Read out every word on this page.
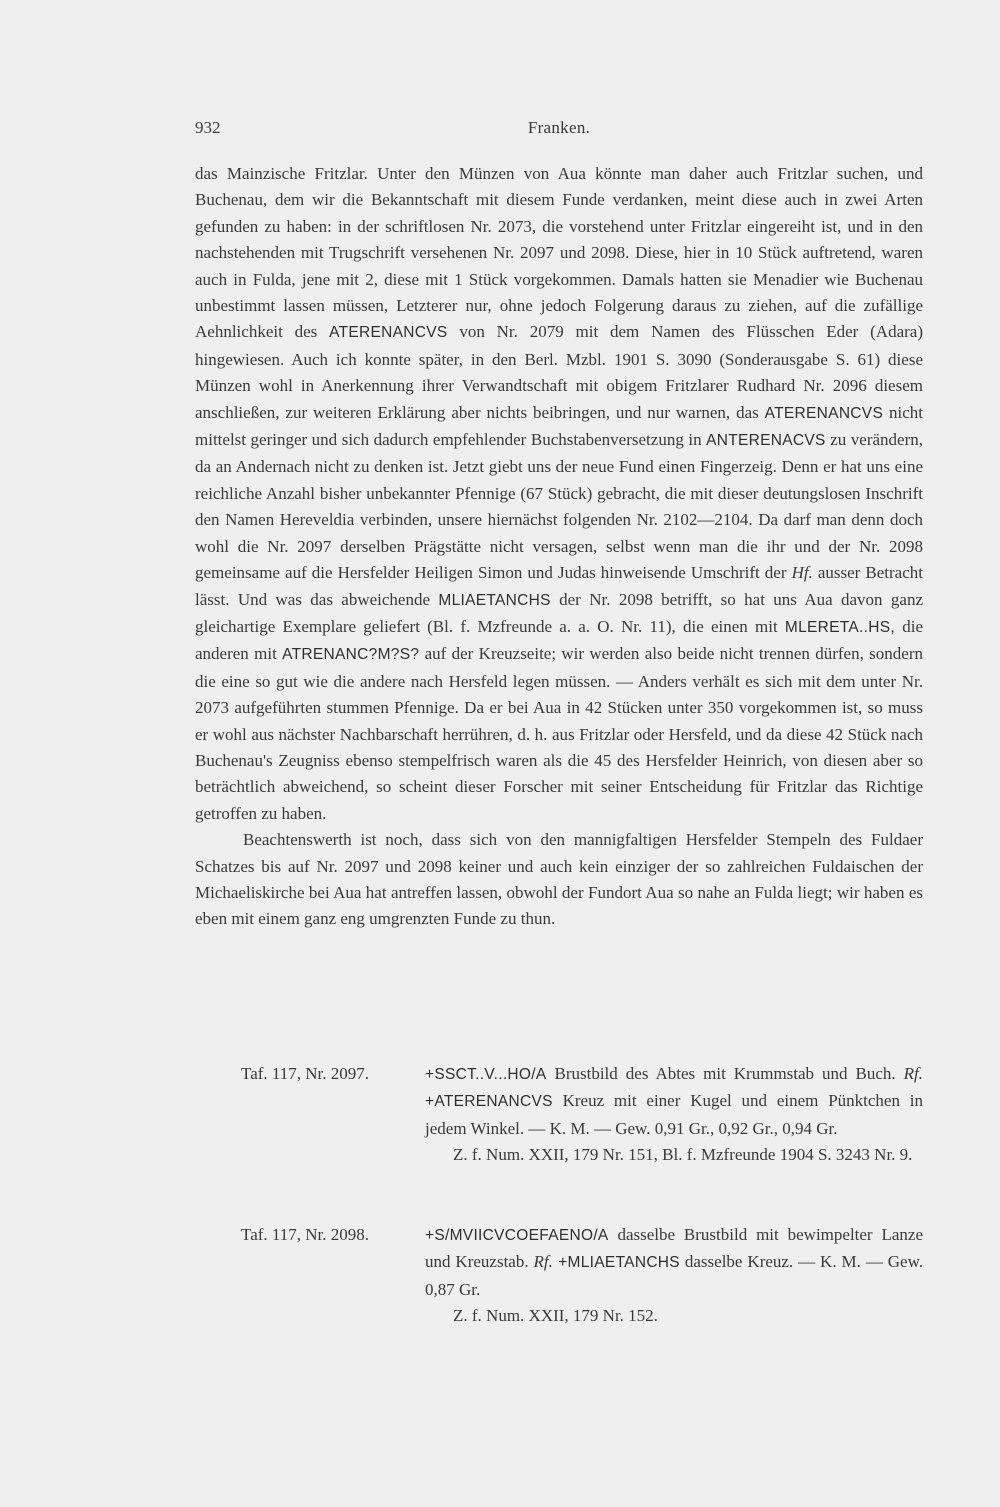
932	Franken.

das Mainzische Fritzlar. Unter den Münzen von Aua könnte man daher auch Fritzlar suchen, und Buchenau, dem wir die Bekanntschaft mit diesem Funde verdanken, meint diese auch in zwei Arten gefunden zu haben: in der schriftlosen Nr. 2073, die vorstehend unter Fritzlar eingereiht ist, und in den nachstehenden mit Trugschrift versehenen Nr. 2097 und 2098. Diese, hier in 10 Stück auftretend, waren auch in Fulda, jene mit 2, diese mit 1 Stück vorgekommen. Damals hatten sie Menadier wie Buchenau unbestimmt lassen müssen, Letzterer nur, ohne jedoch Folgerung daraus zu ziehen, auf die zufällige Aehnlichkeit des ATERENANCVS von Nr. 2079 mit dem Namen des Flüsschen Eder (Adara) hingewiesen. Auch ich konnte später, in den Berl. Mzbl. 1901 S. 3090 (Sonderausgabe S. 61) diese Münzen wohl in Anerkennung ihrer Verwandtschaft mit obigem Fritzlarer Rudhard Nr. 2096 diesem anschließen, zur weiteren Erklärung aber nichts beibringen, und nur warnen, das ATERENANCVS nicht mittelst geringer und sich dadurch empfehlender Buchstabenversetzung in ANTERENACVS zu verändern, da an Andernach nicht zu denken ist. Jetzt giebt uns der neue Fund einen Fingerzeig. Denn er hat uns eine reichliche Anzahl bisher unbekannter Pfennige (67 Stück) gebracht, die mit dieser deutungslosen Inschrift den Namen Hereveldia verbinden, unsere hiernächst folgenden Nr. 2102—2104. Da darf man denn doch wohl die Nr. 2097 derselben Prägstätte nicht versagen, selbst wenn man die ihr und der Nr. 2098 gemeinsame auf die Hersfelder Heiligen Simon und Judas hinweisende Umschrift der Hf. ausser Betracht lässt. Und was das abweichende MLIAETANCHS der Nr. 2098 betrifft, so hat uns Aua davon ganz gleichartige Exemplare geliefert (Bl. f. Mzfreunde a. a. O. Nr. 11), die einen mit MLERETA..HS, die anderen mit ATRENANC?M?S? auf der Kreuzseite; wir werden also beide nicht trennen dürfen, sondern die eine so gut wie die andere nach Hersfeld legen müssen. — Anders verhält es sich mit dem unter Nr. 2073 aufgeführten stummen Pfennige. Da er bei Aua in 42 Stücken unter 350 vorgekommen ist, so muss er wohl aus nächster Nachbarschaft herrühren, d. h. aus Fritzlar oder Hersfeld, und da diese 42 Stück nach Buchenau's Zeugniss ebenso stempelfrisch waren als die 45 des Hersfelder Heinrich, von diesen aber so beträchtlich abweichend, so scheint dieser Forscher mit seiner Entscheidung für Fritzlar das Richtige getroffen zu haben.

Beachtenswerth ist noch, dass sich von den mannigfaltigen Hersfelder Stempeln des Fuldaer Schatzes bis auf Nr. 2097 und 2098 keiner und auch kein einziger der so zahlreichen Fuldaischen der Michaeliskirche bei Aua hat antreffen lassen, obwohl der Fundort Aua so nahe an Fulda liegt; wir haben es eben mit einem ganz eng umgrenzten Funde zu thun.

Taf. 117, Nr. 2097.	+SSCT..V...HO/A Brustbild des Abtes mit Krummstab und Buch. Rf. +ATERENANCVS Kreuz mit einer Kugel und einem Pünktchen in jedem Winkel. — K. M. — Gew. 0,91 Gr., 0,92 Gr., 0,94 Gr.
Z. f. Num. XXII, 179 Nr. 151, Bl. f. Mzfreunde 1904 S. 3243 Nr. 9.
Taf. 117, Nr. 2098.	+S/MVIICVCOEFAENO/A dasselbe Brustbild mit bewimpelter Lanze und Kreuzstab. Rf. +MLIAETANCHS dasselbe Kreuz. — K. M. — Gew. 0,87 Gr.
Z. f. Num. XXII, 179 Nr. 152.
